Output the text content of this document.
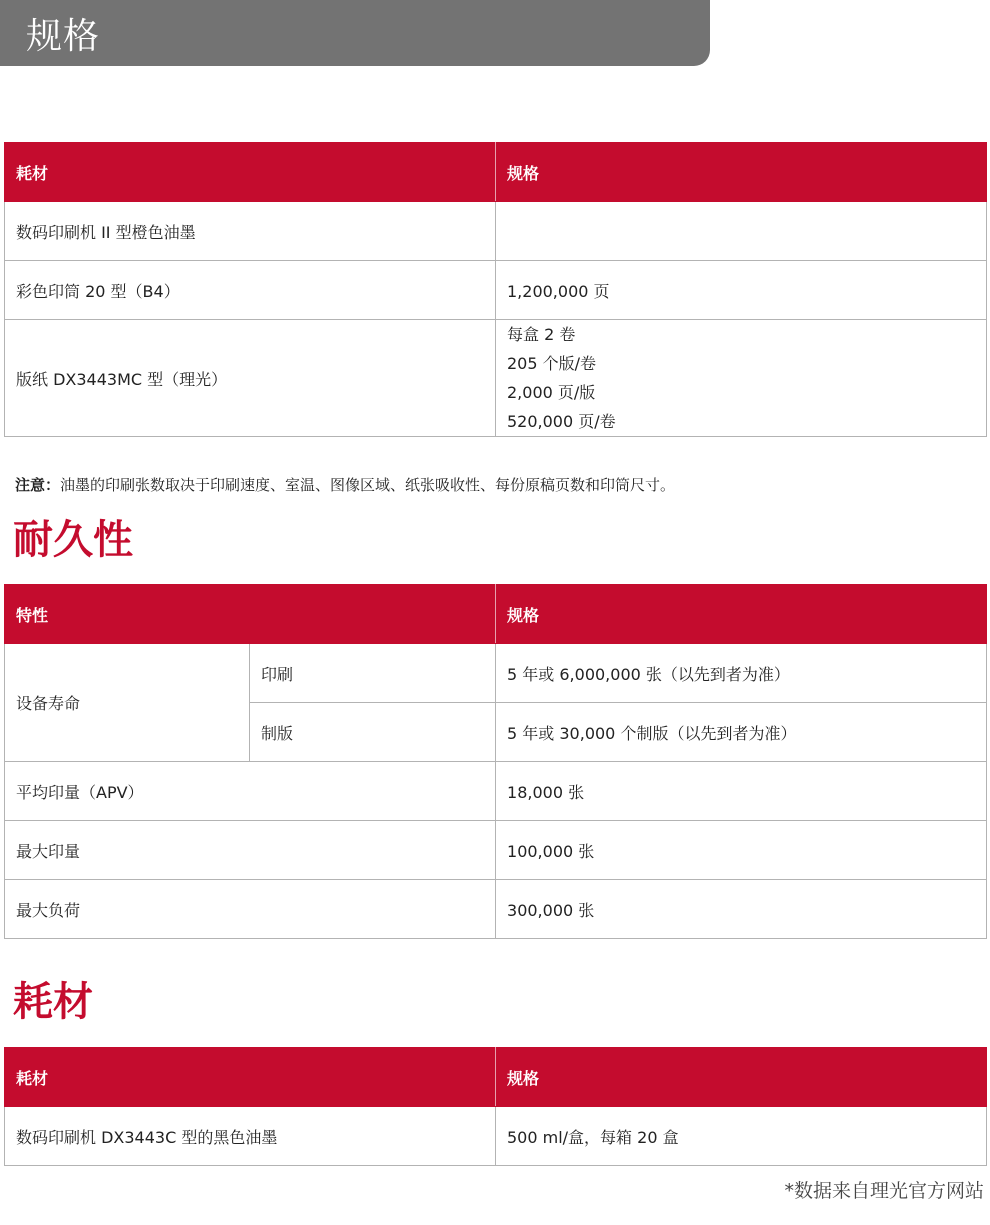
规格
耗材	规格
数码印刷机 II 型橙色油墨	
彩色印筒 20 型（B4）	1,200,000 页
版纸 DX3443MC 型（理光）	每盒 2 卷
205 个版/卷
2,000 页/版
520,000 页/卷
注意：油墨的印刷张数取决于印刷速度、室温、图像区域、纸张吸收性、每份原稿页数和印筒尺寸。
耐久性
特性		规格
设备寿命	印刷	5 年或 6,000,000 张（以先到者为准）
	制版	5 年或 30,000 个制版（以先到者为准）
平均印量（APV）		18,000 张
最大印量		100,000 张
最大负荷		300,000 张
耗材
耗材	规格
数码印刷机 DX3443C 型的黑色油墨	500 ml/盒，每箱 20 盒
*数据来自理光官方网站
